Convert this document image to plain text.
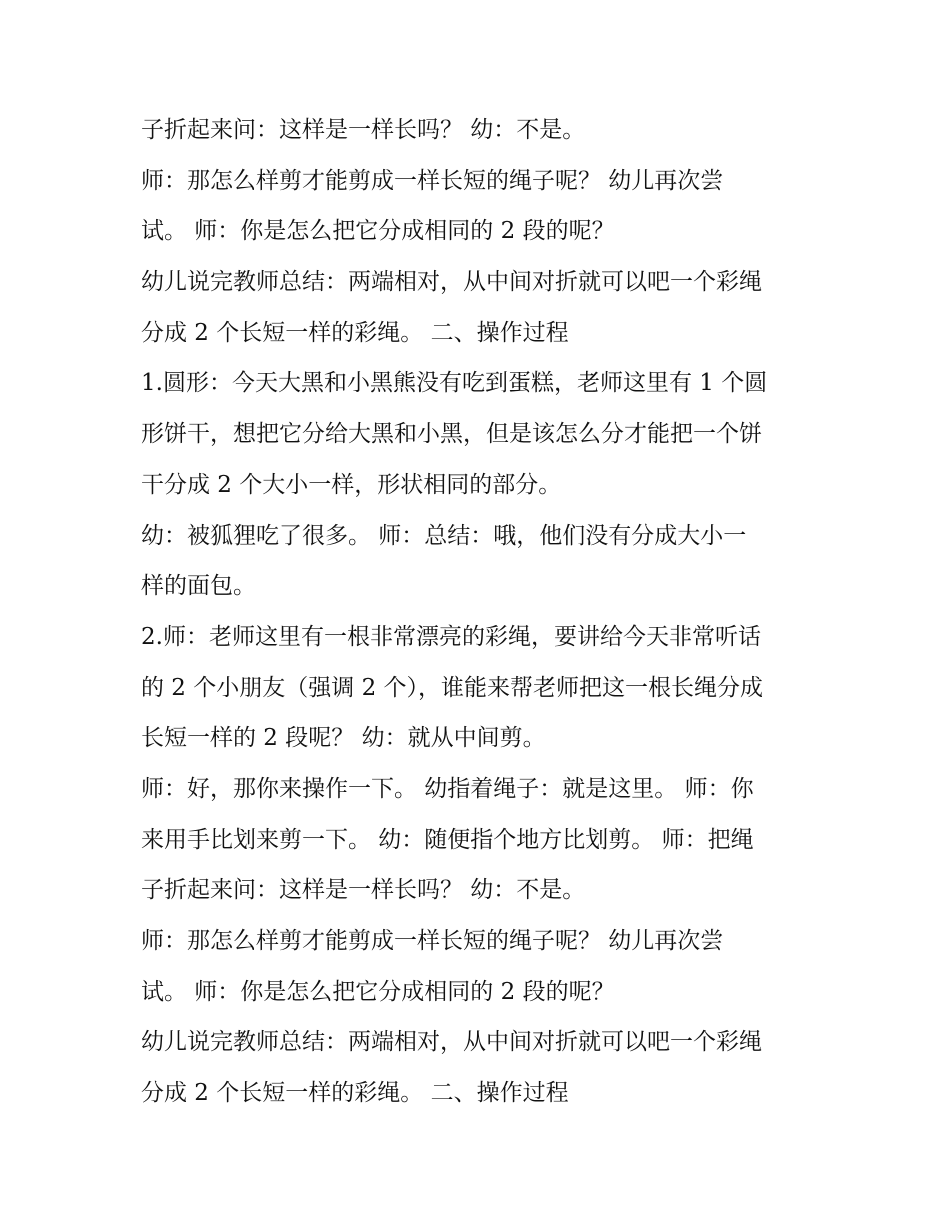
子折起来问：这样是一样长吗？ 幼：不是。
师：那怎么样剪才能剪成一样长短的绳子呢？ 幼儿再次尝
试。 师：你是怎么把它分成相同的 2 段的呢？
幼儿说完教师总结：两端相对，从中间对折就可以吧一个彩绳
分成 2 个长短一样的彩绳。 二、操作过程
1.圆形：今天大黑和小黑熊没有吃到蛋糕，老师这里有 1 个圆
形饼干，想把它分给大黑和小黑，但是该怎么分才能把一个饼
干分成 2 个大小一样，形状相同的部分。
幼：被狐狸吃了很多。 师：总结：哦，他们没有分成大小一
样的面包。
2.师：老师这里有一根非常漂亮的彩绳，要讲给今天非常听话
的 2 个小朋友（强调 2 个），谁能来帮老师把这一根长绳分成
长短一样的 2 段呢？ 幼：就从中间剪。
师：好，那你来操作一下。 幼指着绳子：就是这里。 师：你
来用手比划来剪一下。 幼：随便指个地方比划剪。 师：把绳
子折起来问：这样是一样长吗？ 幼：不是。
师：那怎么样剪才能剪成一样长短的绳子呢？ 幼儿再次尝
试。 师：你是怎么把它分成相同的 2 段的呢？
幼儿说完教师总结：两端相对，从中间对折就可以吧一个彩绳
分成 2 个长短一样的彩绳。 二、操作过程
